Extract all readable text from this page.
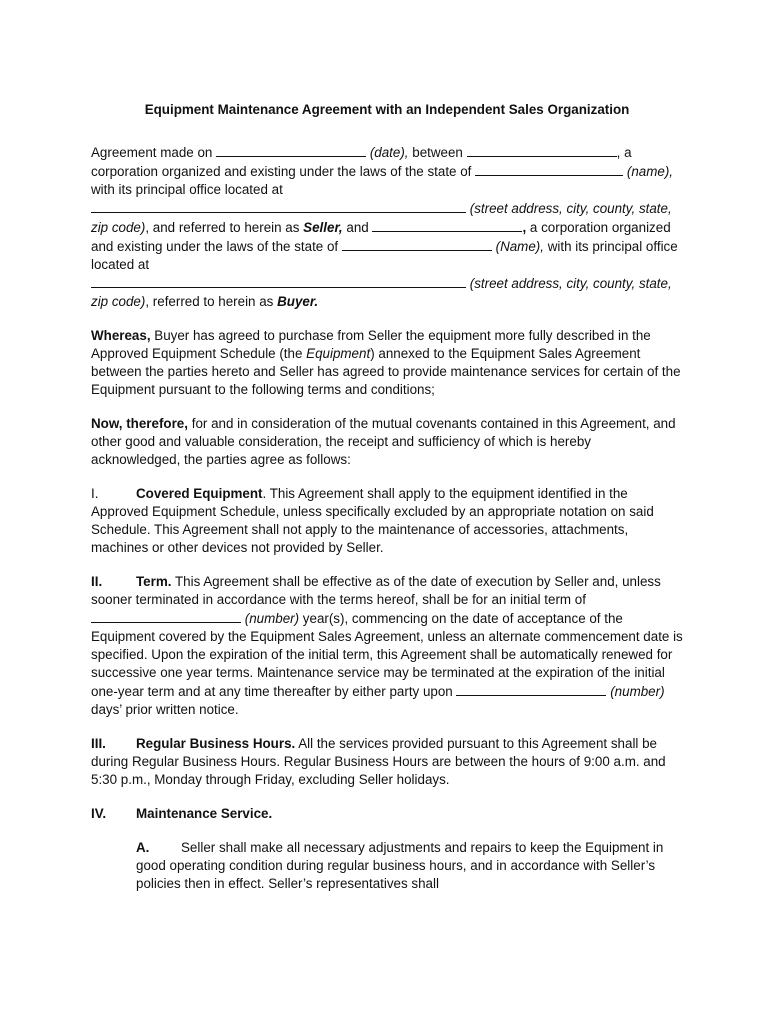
Equipment Maintenance Agreement with an Independent Sales Organization

Agreement made on	(date), between	, a corporation organized and existing under the laws of the state of	(name), with its principal office located at
(street address, city, county, state, zip code), and referred to herein as Seller, and	, a corporation organized and existing under the laws of the state of	(Name), with its principal office located at
(street address, city, county, state, zip code), referred to herein as Buyer.

Whereas, Buyer has agreed to purchase from Seller the equipment more fully described in the Approved Equipment Schedule (the Equipment) annexed to the Equipment Sales Agreement between the parties hereto and Seller has agreed to provide maintenance services for certain of the Equipment pursuant to the following terms and conditions;

Now, therefore, for and in consideration of the mutual covenants contained in this Agreement, and other good and valuable consideration, the receipt and sufficiency of which is hereby acknowledged, the parties agree as follows:

I.	Covered Equipment. This Agreement shall apply to the equipment identified in the Approved Equipment Schedule, unless specifically excluded by an appropriate notation on said Schedule. This Agreement shall not apply to the maintenance of accessories, attachments, machines or other devices not provided by Seller.

II.	Term. This Agreement shall be effective as of the date of execution by Seller and, unless sooner terminated in accordance with the terms hereof, shall be for an initial term of  (number) year(s), commencing on the date of acceptance of the Equipment covered by the Equipment Sales Agreement, unless an alternate commencement date is specified. Upon the expiration of the initial term, this Agreement shall be automatically renewed for successive one year terms. Maintenance service may be terminated at the expiration of the initial one-year term and at any time thereafter by either party upon	(number)  days’ prior written notice.

III. Regular Business Hours. All the services provided pursuant to this Agreement shall be during Regular Business Hours. Regular Business Hours are between the hours of 9:00 a.m. and 5:30 p.m., Monday through Friday, excluding Seller holidays.

IV. Maintenance Service.

A. Seller shall make all necessary adjustments and repairs to keep the Equipment in good operating condition during regular business hours, and in accordance with Seller’s policies then in effect. Seller’s representatives shall
